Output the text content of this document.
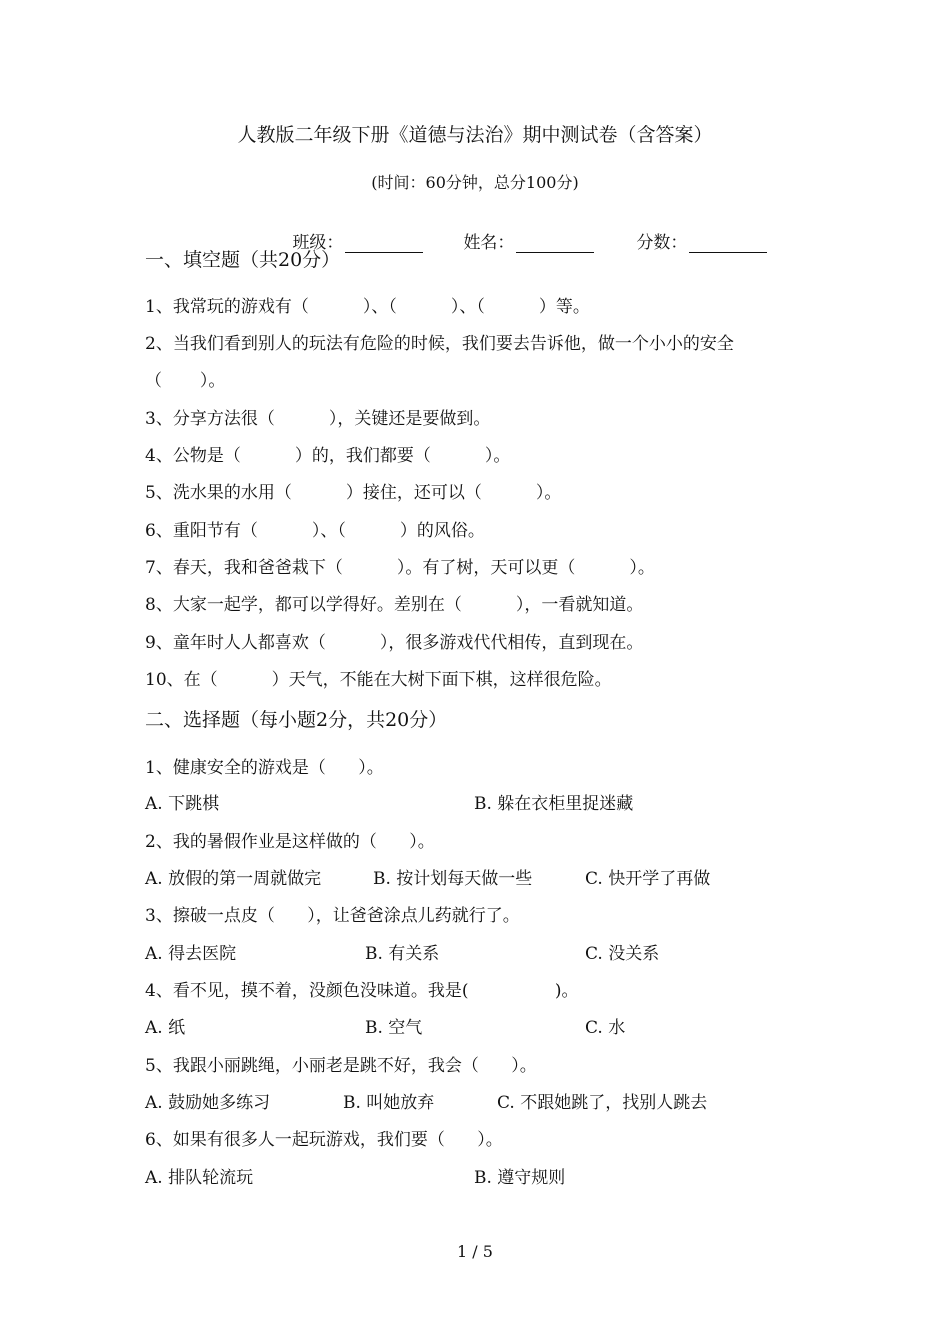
人教版二年级下册《道德与法治》期中测试卷（含答案）
(时间：60分钟，总分100分)

班级：
	姓名：
	分数：

一、填空题（共20分）
1、我常玩的游戏有（          ）、（          ）、（          ）等。
2、当我们看到别人的玩法有危险的时候，我们要去告诉他，做一个小小的安全
（       ）。
3、分享方法很（          ），关键还是要做到。
4、公物是（          ）的，我们都要（          ）。
5、洗水果的水用（          ）接住，还可以（          ）。
6、重阳节有（          ）、（          ）的风俗。
7、春天，我和爸爸栽下（          ）。有了树，天可以更（          ）。
8、大家一起学，都可以学得好。差别在（          ），一看就知道。
9、童年时人人都喜欢（          ），很多游戏代代相传，直到现在。
10、在（          ）天气，不能在大树下面下棋，这样很危险。
二、选择题（每小题2分，共20分）
1、健康安全的游戏是（      ）。
A. 下跳棋	B. 躲在衣柜里捉迷藏
2、我的暑假作业是这样做的（      ）。
A. 放假的第一周就做完	B. 按计划每天做一些	C. 快开学了再做
3、擦破一点皮（      ），让爸爸涂点儿药就行了。
A. 得去医院	B. 有关系	C. 没关系
4、看不见，摸不着，没颜色没味道。我是(                )。
A. 纸	B. 空气	C. 水
5、我跟小丽跳绳，小丽老是跳不好，我会（      ）。
A. 鼓励她多练习	B. 叫她放弃	C. 不跟她跳了，找别人跳去
6、如果有很多人一起玩游戏，我们要（      ）。
A. 排队轮流玩	B. 遵守规则
1 / 5
